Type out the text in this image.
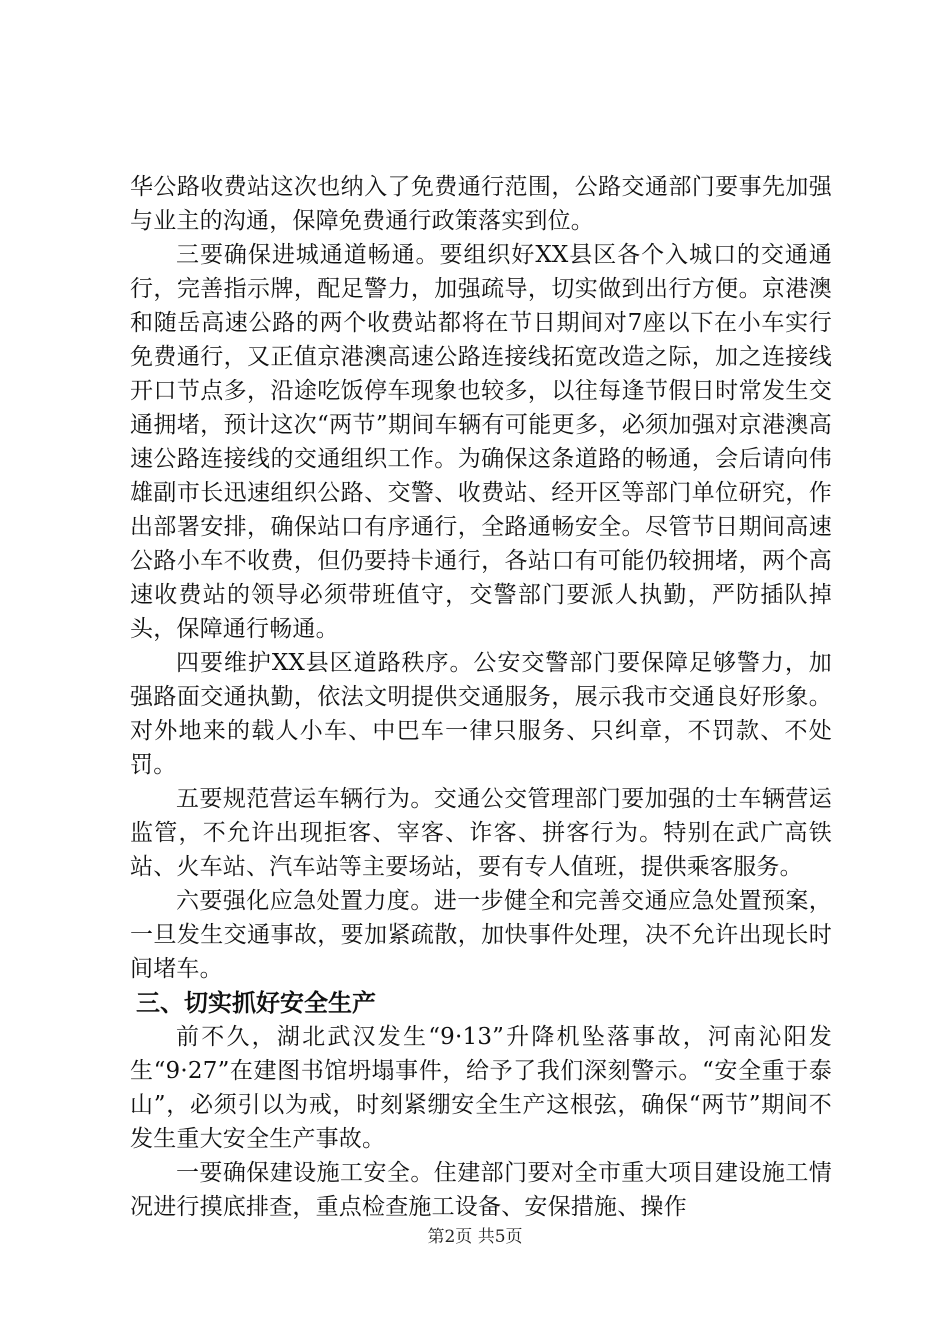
华公路收费站这次也纳入了免费通行范围，公路交通部门要事先加强与业主的沟通，保障免费通行政策落实到位。

三要确保进城通道畅通。要组织好XX县区各个入城口的交通通行，完善指示牌，配足警力，加强疏导，切实做到出行方便。京港澳和随岳高速公路的两个收费站都将在节日期间对7座以下在小车实行免费通行，又正值京港澳高速公路连接线拓宽改造之际，加之连接线开口节点多，沿途吃饭停车现象也较多，以往每逢节假日时常发生交通拥堵，预计这次“两节”期间车辆有可能更多，必须加强对京港澳高速公路连接线的交通组织工作。为确保这条道路的畅通，会后请向伟雄副市长迅速组织公路、交警、收费站、经开区等部门单位研究，作出部署安排，确保站口有序通行，全路通畅安全。尽管节日期间高速公路小车不收费，但仍要持卡通行，各站口有可能仍较拥堵，两个高速收费站的领导必须带班值守，交警部门要派人执勤，严防插队掉头，保障通行畅通。

四要维护XX县区道路秩序。公安交警部门要保障足够警力，加强路面交通执勤，依法文明提供交通服务，展示我市交通良好形象。对外地来的载人小车、中巴车一律只服务、只纠章，不罚款、不处罚。

五要规范营运车辆行为。交通公交管理部门要加强的士车辆营运监管，不允许出现拒客、宰客、诈客、拼客行为。特别在武广高铁站、火车站、汽车站等主要场站，要有专人值班，提供乘客服务。

六要强化应急处置力度。进一步健全和完善交通应急处置预案，一旦发生交通事故，要加紧疏散，加快事件处理，决不允许出现长时间堵车。

三、切实抓好安全生产

前不久，湖北武汉发生“9·13”升降机坠落事故，河南沁阳发生“9·27”在建图书馆坍塌事件，给予了我们深刻警示。“安全重于泰山”，必须引以为戒，时刻紧绷安全生产这根弦，确保“两节”期间不发生重大安全生产事故。

一要确保建设施工安全。住建部门要对全市重大项目建设施工情况进行摸底排查，重点检查施工设备、安保措施、操作

第2页 共5页
